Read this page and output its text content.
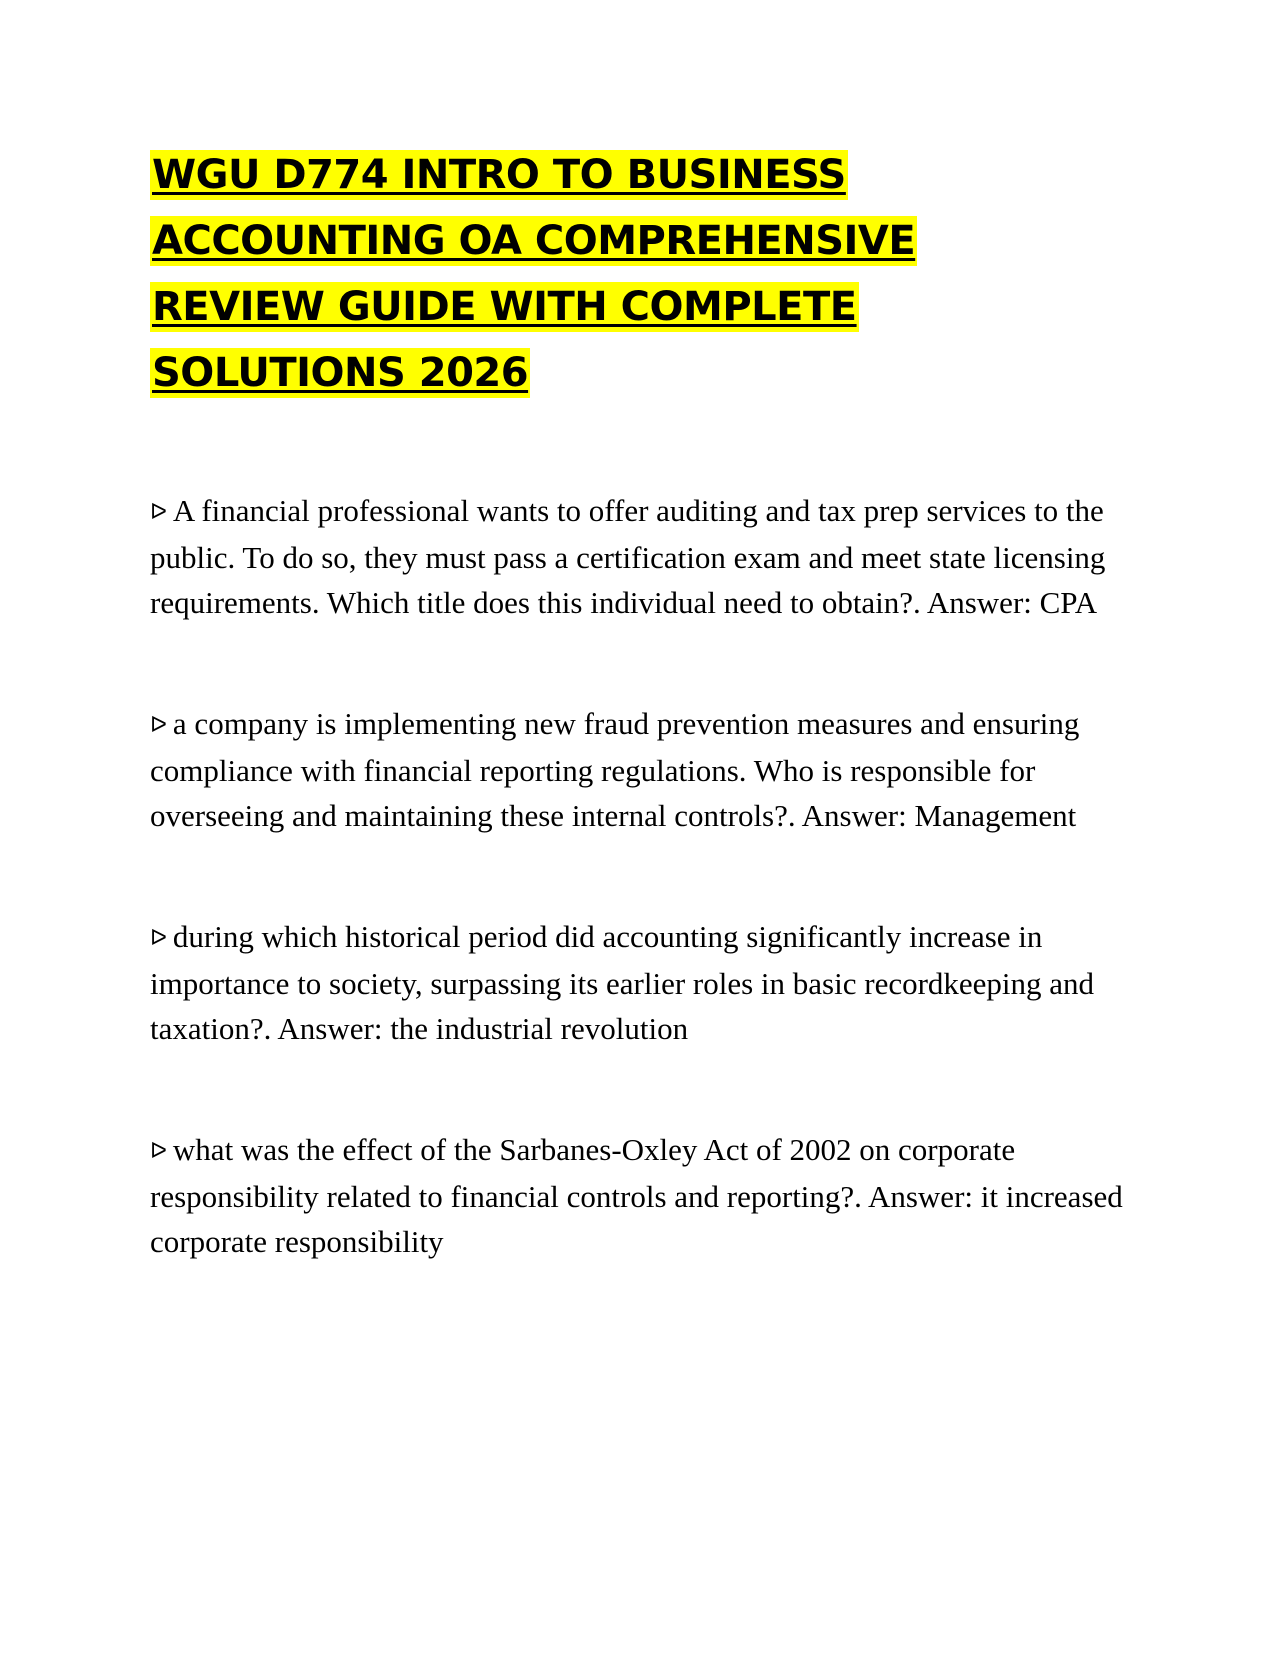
WGU D774 INTRO TO BUSINESS
ACCOUNTING OA COMPREHENSIVE
REVIEW GUIDE WITH COMPLETE
SOLUTIONS 2026

ᐅ A financial professional wants to offer auditing and tax prep services to the public. To do so, they must pass a certification exam and meet state licensing requirements. Which title does this individual need to obtain?. Answer: CPA

ᐅ a company is implementing new fraud prevention measures and ensuring compliance with financial reporting regulations. Who is responsible for overseeing and maintaining these internal controls?. Answer: Management

ᐅ during which historical period did accounting significantly increase in importance to society, surpassing its earlier roles in basic recordkeeping and taxation?. Answer: the industrial revolution

ᐅ what was the effect of the Sarbanes-Oxley Act of 2002 on corporate responsibility related to financial controls and reporting?. Answer: it increased corporate responsibility
